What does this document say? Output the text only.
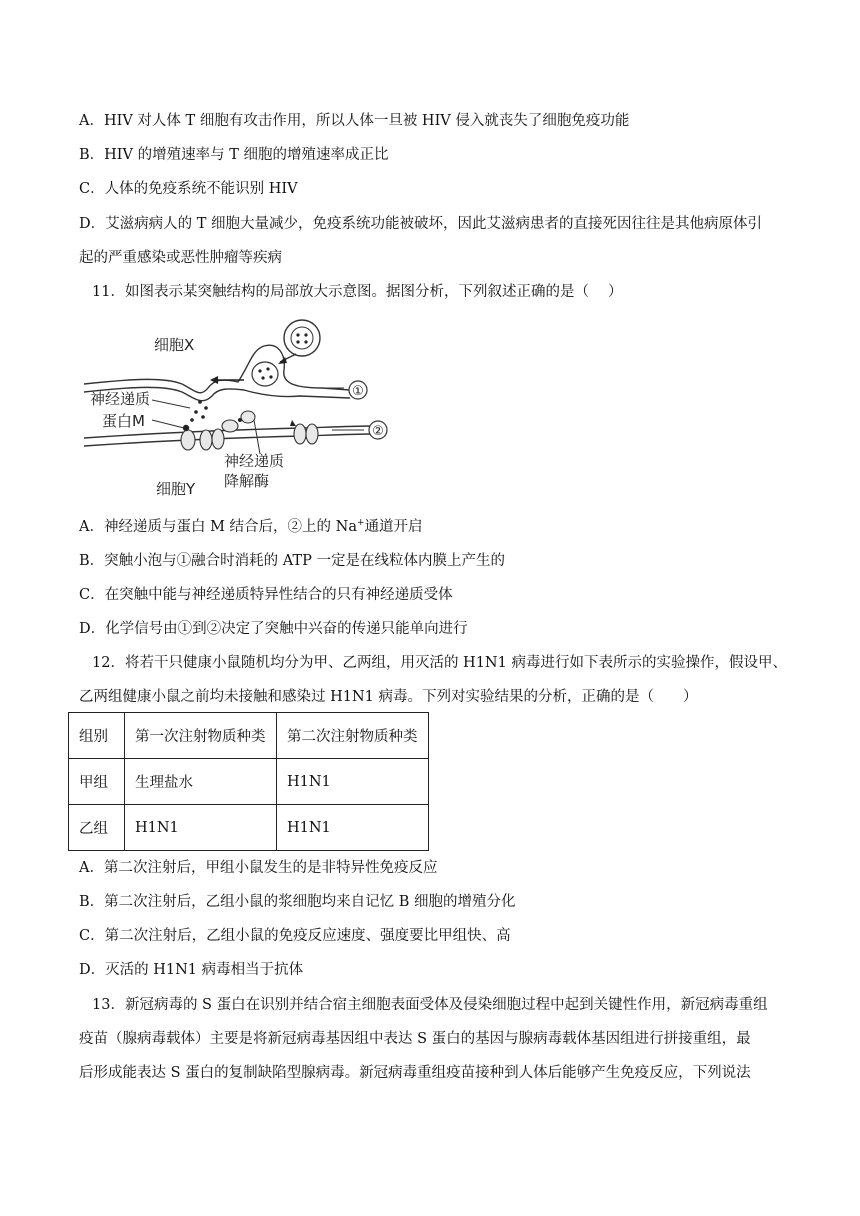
A．HIV 对人体 T 细胞有攻击作用，所以人体一旦被 HIV 侵入就丧失了细胞免疫功能
B．HIV 的增殖速率与 T 细胞的增殖速率成正比
C．人体的免疫系统不能识别 HIV
D．艾滋病病人的 T 细胞大量减少，免疫系统功能被破坏，因此艾滋病患者的直接死因往往是其他病原体引
起的严重感染或恶性肿瘤等疾病
11．如图表示某突触结构的局部放大示意图。据图分析，下列叙述正确的是（　 ）
①
②
细胞X
神经递质
蛋白M
神经递质
降解酶
细胞Y
A．神经递质与蛋白 M 结合后，②上的 Na+通道开启
B．突触小泡与①融合时消耗的 ATP 一定是在线粒体内膜上产生的
C．在突触中能与神经递质特异性结合的只有神经递质受体
D．化学信号由①到②决定了突触中兴奋的传递只能单向进行
12．将若干只健康小鼠随机均分为甲、乙两组，用灭活的 H1N1 病毒进行如下表所示的实验操作，假设甲、
乙两组健康小鼠之前均未接触和感染过 H1N1 病毒。下列对实验结果的分析，正确的是（　　）
组别	第一次注射物质种类	第二次注射物质种类
甲组	生理盐水	H1N1
乙组	H1N1	H1N1
A．第二次注射后，甲组小鼠发生的是非特异性免疫反应
B．第二次注射后，乙组小鼠的浆细胞均来自记忆 B 细胞的增殖分化
C．第二次注射后，乙组小鼠的免疫反应速度、强度要比甲组快、高
D．灭活的 H1N1 病毒相当于抗体
13．新冠病毒的 S 蛋白在识别并结合宿主细胞表面受体及侵染细胞过程中起到关键性作用，新冠病毒重组
疫苗（腺病毒载体）主要是将新冠病毒基因组中表达 S 蛋白的基因与腺病毒载体基因组进行拼接重组，最
后形成能表达 S 蛋白的复制缺陷型腺病毒。新冠病毒重组疫苗接种到人体后能够产生免疫反应，下列说法
